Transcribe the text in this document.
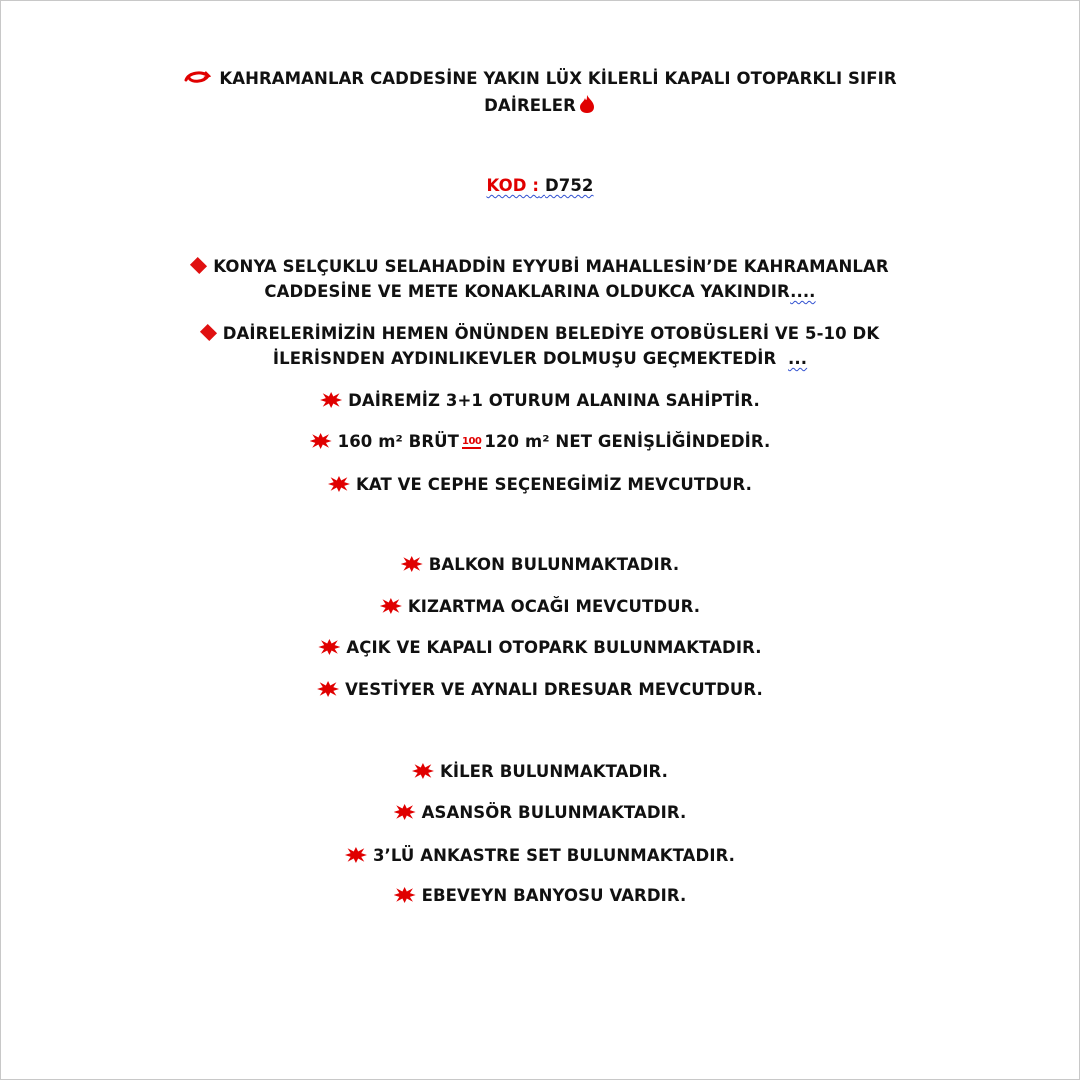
KAHRAMANLAR CADDESİNE YAKIN LÜX KİLERLİ KAPALI OTOPARKLI SIFIR
DAİRELER
KOD : D752
KONYA SELÇUKLU SELAHADDİN EYYUBİ MAHALLESİN’DE KAHRAMANLAR
CADDESİNE VE METE KONAKLARINA OLDUKCA YAKINDIR....
DAİRELERİMİZİN HEMEN ÖNÜNDEN BELEDİYE OTOBÜSLERİ VE 5-10 DK
İLERİSNDEN AYDINLIKEVLER DOLMUŞU GEÇMEKTEDİR ...
DAİREMİZ 3+1 OTURUM ALANINA SAHİPTİR.
160 m² BRÜT 100 120 m² NET GENİŞLİĞİNDEDİR.
KAT VE CEPHE SEÇENEGİMİZ MEVCUTDUR.
BALKON BULUNMAKTADIR.
KIZARTMA OCAĞI MEVCUTDUR.
AÇIK VE KAPALI OTOPARK BULUNMAKTADIR.
VESTİYER VE AYNALI DRESUAR MEVCUTDUR.
KİLER BULUNMAKTADIR.
ASANSÖR BULUNMAKTADIR.
3’LÜ ANKASTRE SET BULUNMAKTADIR.
EBEVEYN BANYOSU VARDIR.
